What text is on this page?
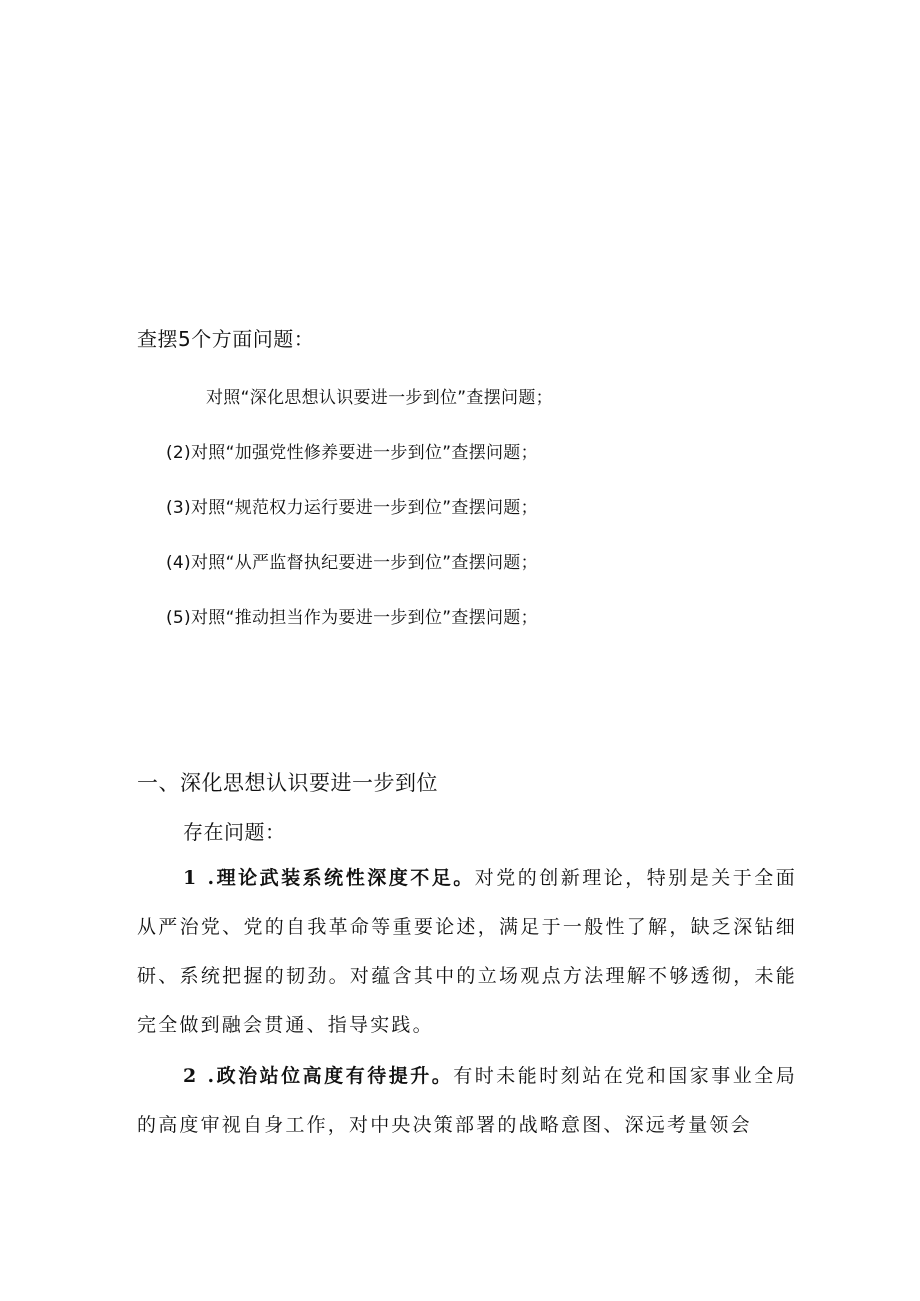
查摆5个方面问题：

对照“深化思想认识要进一步到位”查摆问题；

(2)对照“加强党性修养要进一步到位”查摆问题；

(3)对照“规范权力运行要进一步到位”查摆问题；

(4)对照“从严监督执纪要进一步到位”查摆问题；

(5)对照“推动担当作为要进一步到位”查摆问题；

一、深化思想认识要进一步到位

存在问题：

1 .理论武装系统性深度不足。对党的创新理论，特别是关于全面从严治党、党的自我革命等重要论述，满足于一般性了解，缺乏深钻细研、系统把握的韧劲。对蕴含其中的立场观点方法理解不够透彻，未能完全做到融会贯通、指导实践。

2 .政治站位高度有待提升。有时未能时刻站在党和国家事业全局的高度审视自身工作，对中央决策部署的战略意图、深远考量领会
